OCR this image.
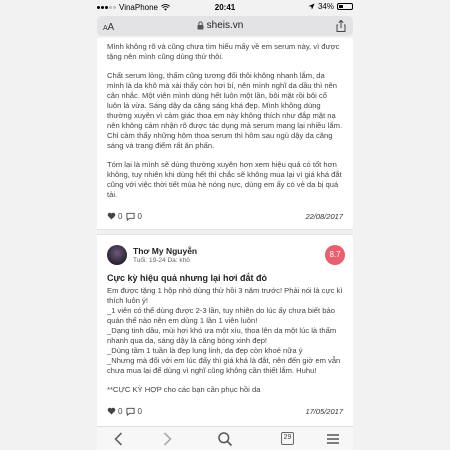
VinaPhone	20:41	34%
A A	sheis.vn

Mình không rõ và cũng chưa tìm hiểu mấy về em serum này, vì được tặng nên mình cũng dùng thử thôi.

Chất serum lỏng, thấm cũng tương đối thôi không nhanh lắm, da mình là da khô mà xài thấy còn hơi bí, nên mình nghĩ da dầu thì nên cân nhắc. Một viên mình dùng hết luôn một lần, bôi mặt rồi bôi cổ luôn là vừa. Sáng dậy da căng sáng khá đẹp. Mình không dùng thường xuyên vì cảm giác thoa em này không thích như đắp mặt nạ nên không cảm nhận rõ được tác dụng mà serum mang lại nhiều lắm. Chỉ cảm thấy những hôm thoa serum thì hôm sau ngủ dậy da căng sáng và trang điểm rất ăn phấn.

Tóm lại là mình sẽ dùng thường xuyên hơn xem hiệu quả có tốt hơn không, tuy nhiên khi dùng hết thì chắc sẽ không mua lại vì giá khá đắt cũng với việc thời tiết mùa hè nóng nực, dùng em ấy có vẻ da bị quá tải.

0 0	22/08/2017
Thơ My Nguyễn
Tuổi: 19-24 Da: khô
8.7
Cực kỳ hiệu quả nhưng lại hơi đắt đỏ

Em được tặng 1 hộp nhỏ dùng thử hồi 3 năm trước! Phải nói là cực kì thích luôn ý!
_1 viên có thể dùng được 2-3 lần, tuy nhiên do lúc ấy chưa biết bảo quản thế nào nên em dùng 1 lần 1 viên luôn!
_Dạng tinh dầu, mùi hơi khó ưa một xíu, thoa lên da một lúc là thấm nhanh qua da, sáng dậy là căng bóng xinh đẹp!
_Dùng tầm 1 tuần là đẹp lung linh, da đẹp còn khoẻ nữa ý
_Nhưng mà đối với em lúc đấy thì giá khá là đắt, nên đến giờ em vẫn chưa mua lại để dùng vì nghĩ cũng không cần thiết lắm. Huhu!

**CỰC KỲ HỢP cho các bạn cần phục hồi da

0 0	17/05/2017
29
